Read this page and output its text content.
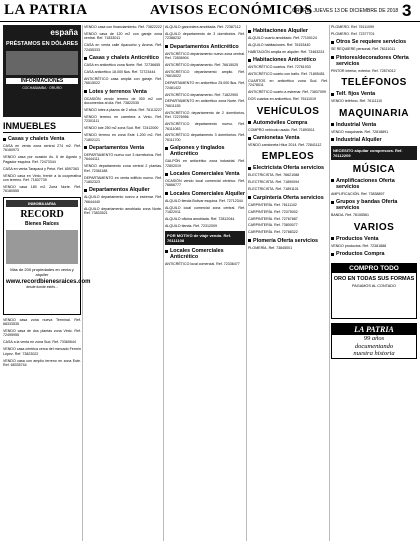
LA PATRIA	AVISOS ECONÓMICOS
ORURO, JUEVES 13 DE DICIEMBRE DE 2018 3
españa
PRÉSTAMOS EN DÓLARES
INFORMACIONES
COCHABAMBA · ORURO
INMUEBLES
Casas y chalets Venta
CASA en venta zona central 274 m2. Ref. 76160973
VENDO casa por ocasión Av. 6 de Agosto y Pagador esquina. Ref. 72473344
CASA en venta Tarapacá y Petot. Ref. 6597363
VENDO casa en Vinto, frente a la cooperativa con terreno. Ref. 71837739
VENDO casa 180 m2 Zona Norte. Ref. 76180555
INMOBILIARIA
RECORD
Bienes Raíces
Más de 200 propiedades en venta y alquiler
www.recordbienesraices.com
desde donde estés...
VENDO casa zona nueva Terminal. Ref. 68333535
VENDO casa de dos plantas zona Vinto. Ref. 72495955
CASA a la venta en zona Sud. Ref. 73360644
VENDO casa céntrica cerca del mercado Fermín López. Ref. 73823022
VENDO casa con amplio terreno en zona Este. Ref. 68335744
VENDO casa con financiamiento. Ref. 73822222
VENDO casa de 120 m2 con garaje zona central. Ref. 71833011
CASA en venta calle Ayacucho y Aroma. Ref. 72455333
Casas y chalets Anticrético
CASA en anticrético zona Norte. Ref. 72736655
CASA anticrético 18.000 $us. Ref. 72723444
ANTICRÉTICO casa amplia con garaje. Ref. 76615022
Lotes y terrenos Venta
OCASIÓN vendo terreno de 300 m2 con documentos al día. Ref. 73822035
VENDO lotes a plazos de 2 años. Ref. 76113227
VENDO terreno en carretera a Vinto. Ref. 72301111
VENDO lote 250 m2 zona Sud. Ref. 72412000
VENDO terreno en zona Este 1.200 m2. Ref. 71802121
Departamentos Venta
DEPARTAMENTO nuevo con 3 dormitorios. Ref. 76444111
VENDO departamento zona central 2 plantas. Ref. 72381188
DEPARTAMENTO en venta edificio nuevo. Ref. 71802323
Departamentos Alquiler
ALQUILO departamento nuevo a estrenar. Ref. 76644440
ALQUILO departamento amoblado zona Norte. Ref. 73833521
ALQUILO garzoniera amoblada. Ref. 72387112
ALQUILO departamento de 3 dormitorios. Ref. 72388232
Departamentos Anticrético
ANTICRÉTICO departamento nuevo zona central. Ref. 72836904
ANTICRÉTICO departamento. Ref. 76615025
ANTICRÉTICO departamento amplio. Ref. 76615022
DEPARTAMENTO en anticrético 25.000 $us. Ref. 72461422
ANTICRÉTICO departamento. Ref. 71822900
DEPARTAMENTO en anticrético zona Norte. Ref. 76611155
ANTICRÉTICO departamento de 2 dormitorios. Ref. 72276956
ANTICRÉTICO departamento nuevo. Ref. 76111083
ANTICRÉTICO departamento 3 dormitorios. Ref. 76111700
Galpones y tinglados Anticrético
GALPÓN en anticrético zona industrial. Ref. 72802019
Locales Comerciales Venta
OCASIÓN vendo local comercial céntrico. Ref. 76666777
Locales Comerciales Alquiler
ALQUILO tienda Bolívar esquina. Ref. 72712344
ALQUILO local comercial zona central. Ref. 71822011
ALQUILO oficina amoblada. Ref. 72812044
ALQUILO tienda. Ref. 72312009
POR MOTIVO de viaje vendo. Ref. 76111108
Locales Comerciales Anticrético
ANTICRÉTICO local comercial. Ref. 72336477
Habitaciones Alquiler
ALQUILO cuarto amoblado. Ref. 77100124
ALQUILO habitaciones. Ref. 76153440
HABITACIÓN amplia en alquiler. Ref. 73463224
Habitaciones Anticrético
ANTICRÉTICO cuartos. Ref. 72761933
ANTICRÉTICO cuarto con baño. Ref. 71895451
CUARTOS en anticrético zona Sud. Ref. 72478011
ANTICRÉTICO cuarto a estrenar. Ref. 73837099
DOS cuartos en anticrético. Ref. 76111019
VEHÍCULOS
Automóviles Compra
COMPRO vehículo usado. Ref. 71893011
Camionetas Venta
VENDO camioneta Hilux 2014. Ref. 72841112
EMPLEOS
Electricista Oferta servicios
ELECTRICISTA. Ref. 76621088
ELECTRICISTA. Ref. 71890094
ELECTRICISTA. Ref. 71891101
Carpintería Oferta servicios
CARPINTERÍA. Ref. 76111102
CARPINTERÍA. Ref. 72375002
CARPINTERÍA. Ref. 72767887
CARPINTERÍA. Ref. 73800077
CARPINTERÍA. Ref. 72788322
Plomería Oferta servicios
PLOMERÍA. Ref. 73845001
PLOMERO. Ref. 76111099
PLOMERO. Ref. 72377701
Otros Se requiere servicios
SE REQUIERE personal. Ref. 76111011
Pintores/decoradores Oferta servicios
PINTOR interior, exterior. Ref. 72874012
TELÉFONOS
Telf. fijos Venta
VENDO teléfono. Ref. 76111110
MAQUINARIA
Industrial Venta
VENDO maquinaria. Ref. 72818891
Industrial Alquiler
NECESITO alquilar compresora. Ref. 76112209
MÚSICA
Amplificaciones Oferta servicios
AMPLIFICACIÓN. Ref. 73838897
Grupos y bandas Oferta servicios
BANDA. Ref. 76155561
VARIOS
Productos Venta
VENDO productos. Ref. 72381888
Productos Compra
COMPRO TODO
ORO EN TODAS SUS FORMAS
PAGAMOS AL CONTADO
LA PATRIA
99 años
documentando
nuestra historia
